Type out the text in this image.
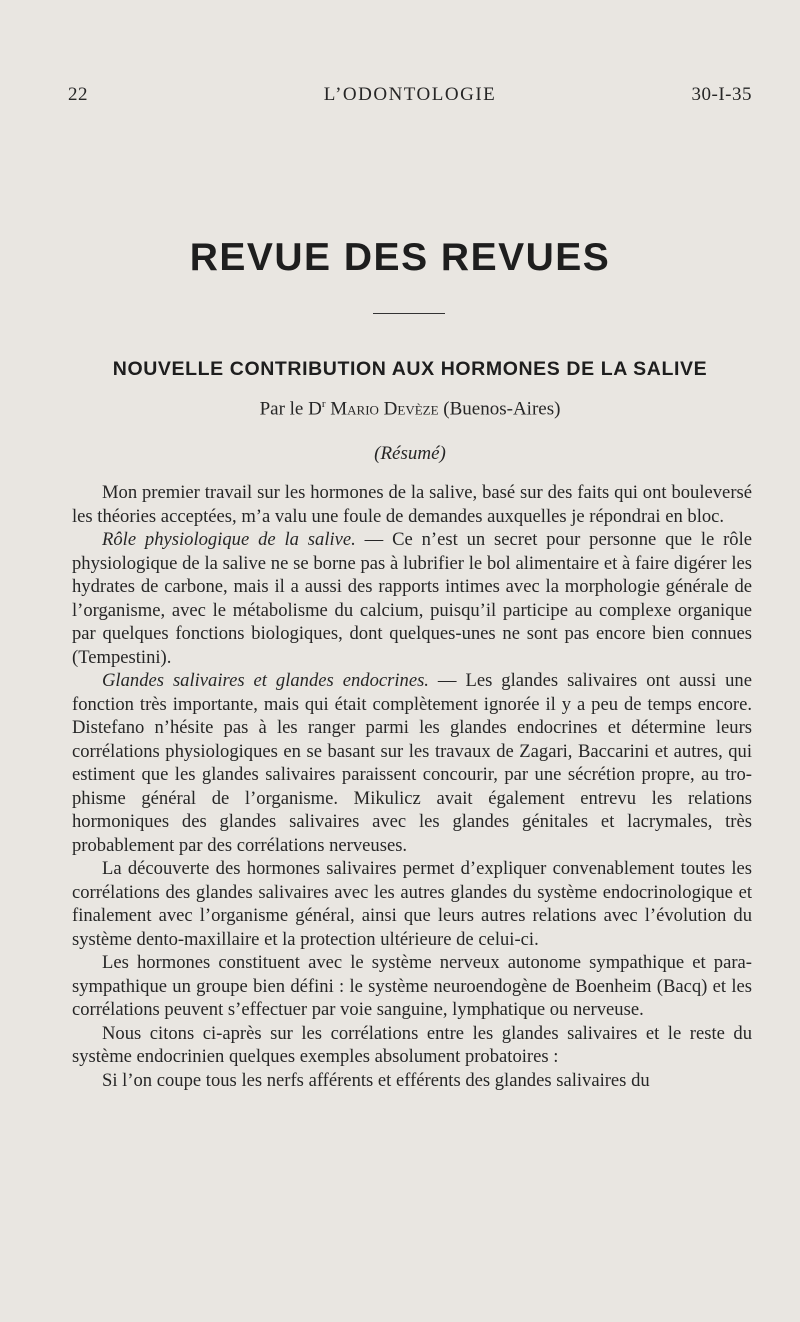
22	L’ODONTOLOGIE	30-I-35
REVUE DES REVUES
NOUVELLE CONTRIBUTION AUX HORMONES DE LA SALIVE
Par le $D^r$ Mario Devèze (Buenos-Aires)
(Résumé)

Mon premier travail sur les hormones de la salive, basé sur des faits qui ont bouleversé les théories acceptées, m’a valu une foule de demandes auxquelles je répondrai en bloc.

Rôle physiologique de la salive. — Ce n’est un secret pour personne que le rôle physiologique de la salive ne se borne pas à lubrifier le bol alimentaire et à faire digérer les hydrates de carbone, mais il a aussi des rapports intimes avec la morphologie générale de l’organisme, avec le métabolisme du calcium, puisqu’il participe au complexe organique par quelques fonctions biologiques, dont quelques-unes ne sont pas encore bien connues (Tempestini).

Glandes salivaires et glandes endocrines. — Les glandes salivaires ont aussi une fonction très importante, mais qui était complètement ignorée il y a peu de temps encore. Distefano n’hésite pas à les ranger parmi les glandes endocrines et détermine leurs corrélations physiologiques en se basant sur les travaux de Zagari, Baccarini et autres, qui estiment que les glandes salivaires paraissent concourir, par une sécrétion propre, au trophisme général de l’organisme. Mikulicz avait également entrevu les relations hormoniques des glandes salivaires avec les glandes génitales et lacrymales, très probablement par des corrélations nerveuses.

La découverte des hormones salivaires permet d’expliquer convenablement toutes les corrélations des glandes salivaires avec les autres glandes du système endocrinologique et finalement avec l’organisme général, ainsi que leurs autres relations avec l’évolution du système dento-maxillaire et la protection ultérieure de celui-ci.

Les hormones constituent avec le système nerveux autonome sympathique et para-sympathique un groupe bien défini : le système neuroendogène de Boenheim (Bacq) et les corrélations peuvent s’effectuer par voie sanguine, lymphatique ou nerveuse.

Nous citons ci-après sur les corrélations entre les glandes salivaires et le reste du système endocrinien quelques exemples absolument probatoires :

Si l’on coupe tous les nerfs afférents et efférents des glandes salivaires du
